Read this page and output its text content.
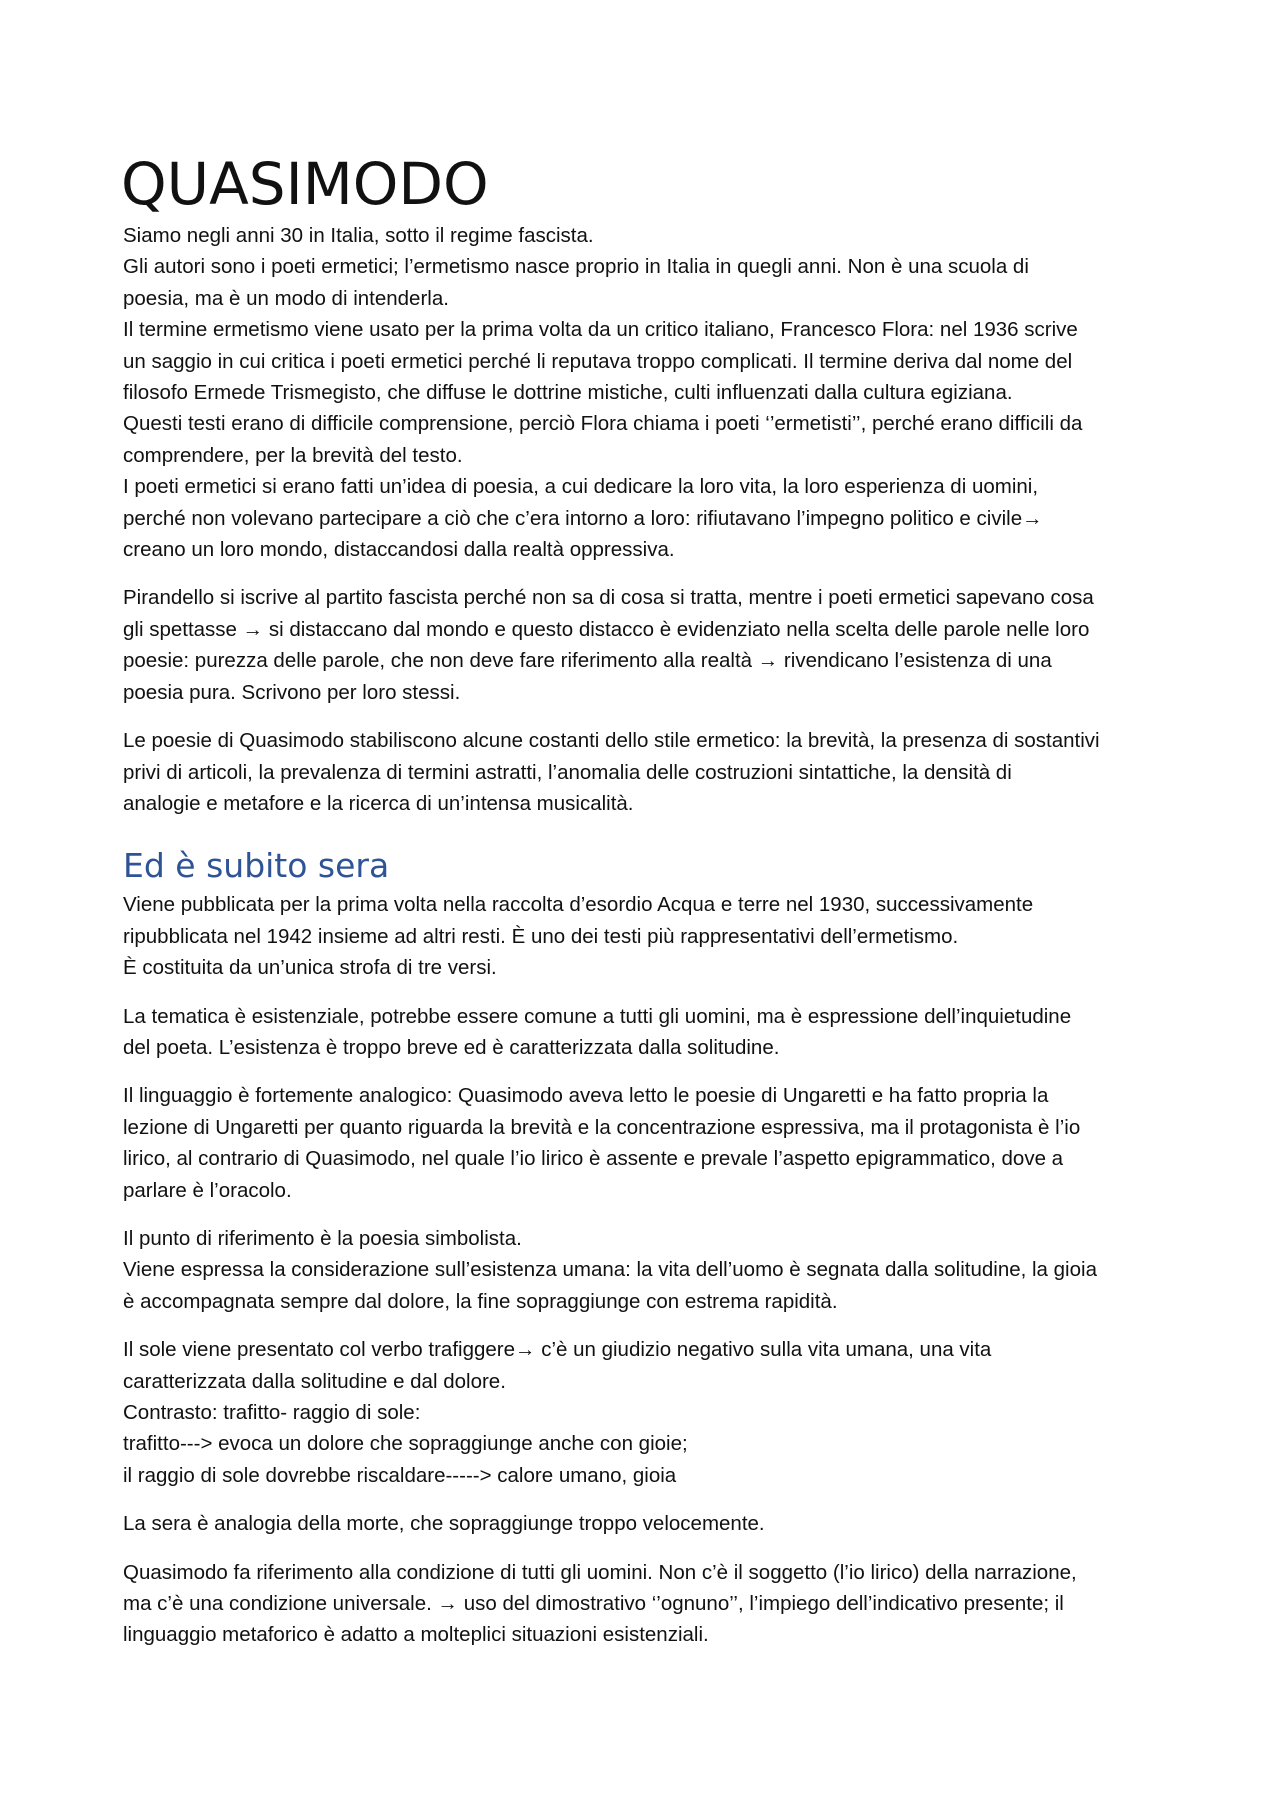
QUASIMODO

Siamo negli anni 30 in Italia, sotto il regime fascista.
Gli autori sono i poeti ermetici; l’ermetismo nasce proprio in Italia in quegli anni. Non è una scuola di
poesia, ma è un modo di intenderla.
Il termine ermetismo viene usato per la prima volta da un critico italiano, Francesco Flora: nel 1936 scrive
un saggio in cui critica i poeti ermetici perché li reputava troppo complicati. Il termine deriva dal nome del
filosofo Ermede Trismegisto, che diffuse le dottrine mistiche, culti influenzati dalla cultura egiziana.
Questi testi erano di difficile comprensione, perciò Flora chiama i poeti ‘’ermetisti’’, perché erano difficili da
comprendere, per la brevità del testo.
I poeti ermetici si erano fatti un’idea di poesia, a cui dedicare la loro vita, la loro esperienza di uomini,
perché non volevano partecipare a ciò che c’era intorno a loro: rifiutavano l’impegno politico e civile→
creano un loro mondo, distaccandosi dalla realtà oppressiva.

Pirandello si iscrive al partito fascista perché non sa di cosa si tratta, mentre i poeti ermetici sapevano cosa
gli spettasse → si distaccano dal mondo e questo distacco è evidenziato nella scelta delle parole nelle loro
poesie: purezza delle parole, che non deve fare riferimento alla realtà → rivendicano l’esistenza di una
poesia pura. Scrivono per loro stessi.

Le poesie di Quasimodo stabiliscono alcune costanti dello stile ermetico: la brevità, la presenza di sostantivi
privi di articoli, la prevalenza di termini astratti, l’anomalia delle costruzioni sintattiche, la densità di
analogie e metafore e la ricerca di un’intensa musicalità.

Ed è subito sera

Viene pubblicata per la prima volta nella raccolta d’esordio Acqua e terre nel 1930, successivamente
ripubblicata nel 1942 insieme ad altri resti. È uno dei testi più rappresentativi dell’ermetismo.
È costituita da un’unica strofa di tre versi.

La tematica è esistenziale, potrebbe essere comune a tutti gli uomini, ma è espressione dell’inquietudine
del poeta. L’esistenza è troppo breve ed è caratterizzata dalla solitudine.

Il linguaggio è fortemente analogico: Quasimodo aveva letto le poesie di Ungaretti e ha fatto propria la
lezione di Ungaretti per quanto riguarda la brevità e la concentrazione espressiva, ma il protagonista è l’io
lirico, al contrario di Quasimodo, nel quale l’io lirico è assente e prevale l’aspetto epigrammatico, dove a
parlare è l’oracolo.

Il punto di riferimento è la poesia simbolista.
Viene espressa la considerazione sull’esistenza umana: la vita dell’uomo è segnata dalla solitudine, la gioia
è accompagnata sempre dal dolore, la fine sopraggiunge con estrema rapidità.

Il sole viene presentato col verbo trafiggere→ c’è un giudizio negativo sulla vita umana, una vita
caratterizzata dalla solitudine e dal dolore.
Contrasto: trafitto- raggio di sole:
trafitto---> evoca un dolore che sopraggiunge anche con gioie;
il raggio di sole dovrebbe riscaldare-----> calore umano, gioia

La sera è analogia della morte, che sopraggiunge troppo velocemente.

Quasimodo fa riferimento alla condizione di tutti gli uomini. Non c’è il soggetto (l’io lirico) della narrazione,
ma c’è una condizione universale. → uso del dimostrativo ‘’ognuno’’, l’impiego dell’indicativo presente; il
linguaggio metaforico è adatto a molteplici situazioni esistenziali.
